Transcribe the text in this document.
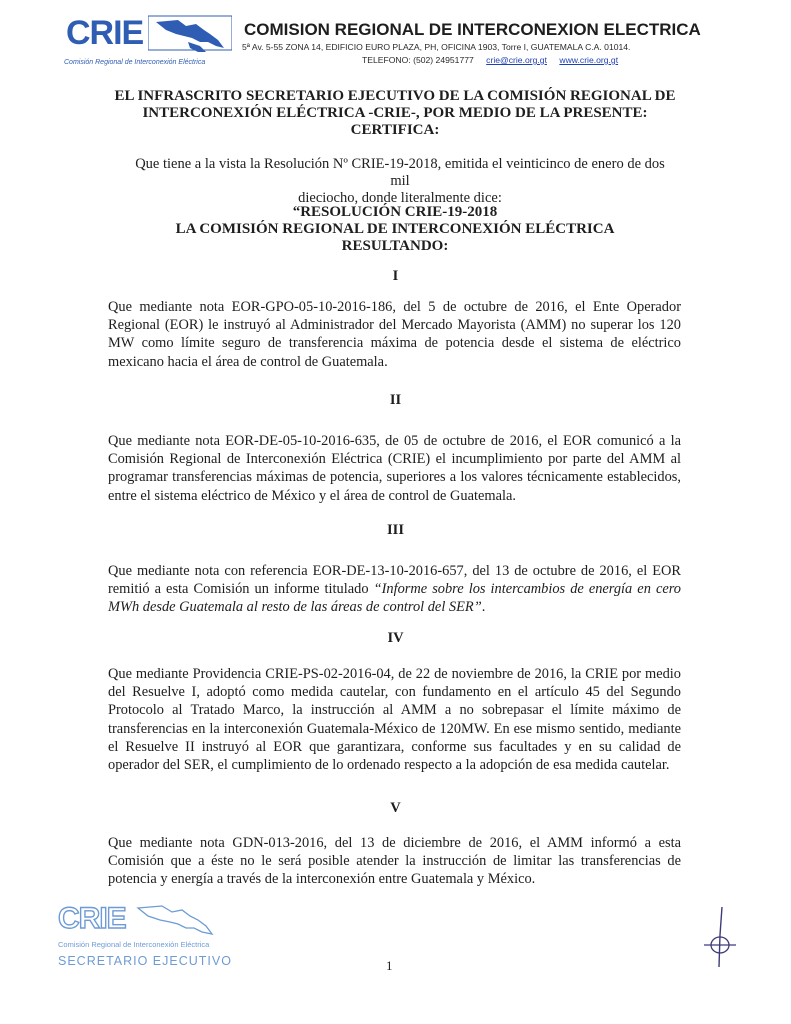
CRIE
Comisión Regional de Interconexión Eléctrica
COMISION REGIONAL DE INTERCONEXION ELECTRICA
5ª Av. 5-55 ZONA 14, EDIFICIO EURO PLAZA, PH, OFICINA 1903, Torre I, GUATEMALA C.A. 01014.
TELEFONO: (502) 24951777 crie@crie.org.gt www.crie.org.gt
EL INFRASCRITO SECRETARIO EJECUTIVO DE LA COMISIÓN REGIONAL DE
INTERCONEXIÓN ELÉCTRICA -CRIE-, POR MEDIO DE LA PRESENTE:
CERTIFICA:
Que tiene a la vista la Resolución Nº CRIE-19-2018, emitida el veinticinco de enero de dos mil
dieciocho, donde literalmente dice:
“RESOLUCIÓN CRIE-19-2018
LA COMISIÓN REGIONAL DE INTERCONEXIÓN ELÉCTRICA
RESULTANDO:
I
Que mediante nota EOR-GPO-05-10-2016-186, del 5 de octubre de 2016, el Ente Operador Regional (EOR) le instruyó al Administrador del Mercado Mayorista (AMM) no superar los 120 MW como límite seguro de transferencia máxima de potencia desde el sistema de eléctrico mexicano hacia el área de control de Guatemala.
II
Que mediante nota EOR-DE-05-10-2016-635, de 05 de octubre de 2016, el EOR comunicó a la Comisión Regional de Interconexión Eléctrica (CRIE) el incumplimiento por parte del AMM al programar transferencias máximas de potencia, superiores a los valores técnicamente establecidos, entre el sistema eléctrico de México y el área de control de Guatemala.
III
Que mediante nota con referencia EOR-DE-13-10-2016-657, del 13 de octubre de 2016, el EOR remitió a esta Comisión un informe titulado “Informe sobre los intercambios de energía en cero MWh desde Guatemala al resto de las áreas de control del SER”.
IV
Que mediante Providencia CRIE-PS-02-2016-04, de 22 de noviembre de 2016, la CRIE por medio del Resuelve I, adoptó como medida cautelar, con fundamento en el artículo 45 del Segundo Protocolo al Tratado Marco, la instrucción al AMM a no sobrepasar el límite máximo de transferencias en la interconexión Guatemala-México de 120MW. En ese mismo sentido, mediante el Resuelve II instruyó al EOR que garantizara, conforme sus facultades y en su calidad de operador del SER, el cumplimiento de lo ordenado respecto a la adopción de esa medida cautelar.
V
Que mediante nota GDN-013-2016, del 13 de diciembre de 2016, el AMM informó a esta Comisión que a éste no le será posible atender la instrucción de limitar las transferencias de potencia y energía a través de la interconexión entre Guatemala y México.
CRIE
Comisión Regional de Interconexión Eléctrica
SECRETARIO EJECUTIVO	1
